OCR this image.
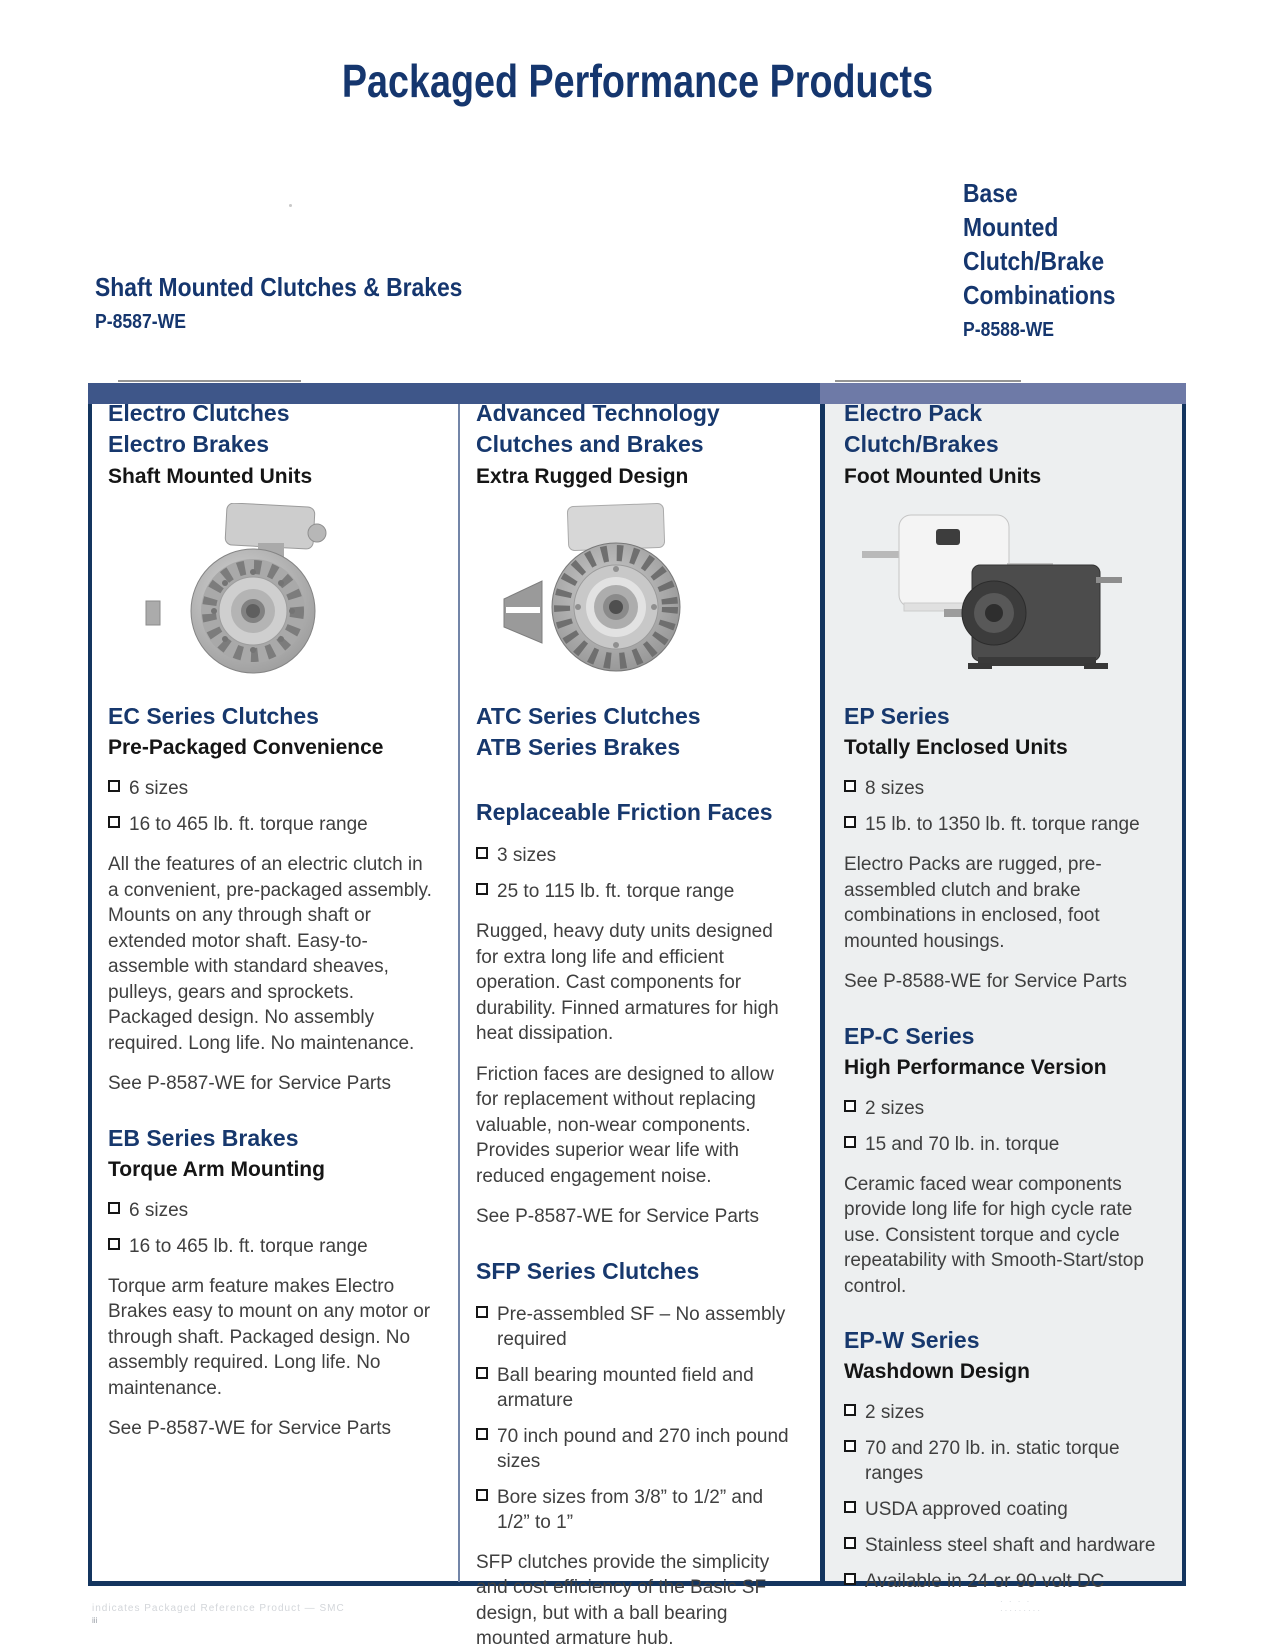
Packaged Performance Products
Shaft Mounted Clutches & Brakes
P-8587-WE
Base
Mounted
Clutch/Brake
Combinations
P-8588-WE
Electro Clutches
Electro Brakes
Shaft Mounted Units
EC Series Clutches
Pre-Packaged Convenience
6 sizes
16 to 465 lb. ft. torque range

All the features of an electric clutch in a convenient, pre-packaged assembly. Mounts on any through shaft or extended motor shaft. Easy-to-assemble with standard sheaves, pulleys, gears and sprockets. Packaged design. No assembly required. Long life. No maintenance.

See P-8587-WE for Service Parts

EB Series Brakes
Torque Arm Mounting
6 sizes
16 to 465 lb. ft. torque range

Torque arm feature makes Electro Brakes easy to mount on any motor or through shaft. Packaged design. No assembly required. Long life. No maintenance.

See P-8587-WE for Service Parts

Advanced Technology
Clutches and Brakes
Extra Rugged Design
ATC Series Clutches
ATB Series Brakes
Replaceable Friction Faces
3 sizes
25 to 115 lb. ft. torque range

Rugged, heavy duty units designed for extra long life and efficient operation. Cast components for durability. Finned armatures for high heat dissipation.

Friction faces are designed to allow for replacement without replacing valuable, non-wear components. Provides superior wear life with reduced engagement noise.

See P-8587-WE for Service Parts

SFP Series Clutches
Pre-assembled SF – No assembly required
Ball bearing mounted field and armature
70 inch pound and 270 inch pound sizes
Bore sizes from 3/8” to 1/2” and 1/2” to 1”

SFP clutches provide the simplicity and cost efficiency of the Basic SF design, but with a ball bearing mounted armature hub.

Electro Pack
Clutch/Brakes
Foot Mounted Units
EP Series
Totally Enclosed Units
8 sizes
15 lb. to 1350 lb. ft. torque range

Electro Packs are rugged, pre-assembled clutch and brake combinations in enclosed, foot mounted housings.

See P-8588-WE for Service Parts

EP-C Series
High Performance Version
2 sizes
15 and 70 lb. in. torque

Ceramic faced wear components provide long life for high cycle rate use. Consistent torque and cycle repeatability with Smooth-Start/stop control.

EP-W Series
Washdown Design
2 sizes
70 and 270 lb. in. static torque ranges
USDA approved coating
Stainless steel shaft and hardware
Available in 24 or 90 volt DC
indicates Packaged Reference Product — SMC
iii
· · · ·
·········
